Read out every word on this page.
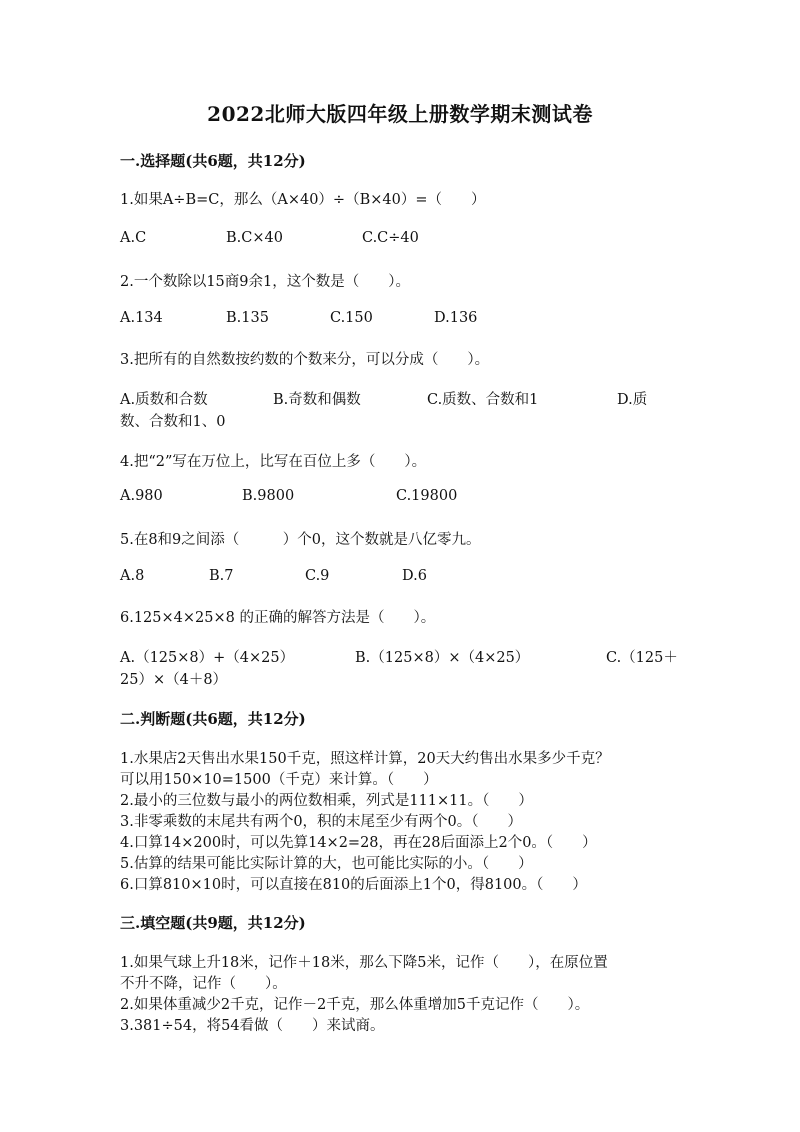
2022北师大版四年级上册数学期末测试卷
一.选择题(共6题，共12分)
1.如果A÷B=C，那么（A×40）÷（B×40）=（　　）
A.C	B.C×40	C.C÷40
2.一个数除以15商9余1，这个数是（　　）。
A.134	B.135	C.150	D.136
3.把所有的自然数按约数的个数来分，可以分成（　　）。
A.质数和合数	B.奇数和偶数	C.质数、合数和1	D.质
数、合数和1、0
4.把“2”写在万位上，比写在百位上多（　　）。
A.980	B.9800	C.19800
5.在8和9之间添（　　　）个0，这个数就是八亿零九。
A.8	B.7	C.9	D.6
6.125×4×25×8 的正确的解答方法是（　　）。
A.（125×8）+（4×25）	B.（125×8）×（4×25）	C.（125＋
25）×（4＋8）
二.判断题(共6题，共12分)
1.水果店2天售出水果150千克，照这样计算，20天大约售出水果多少千克？
可以用150×10=1500（千克）来计算。（　　）
2.最小的三位数与最小的两位数相乘，列式是111×11。（　　）
3.非零乘数的末尾共有两个0，积的末尾至少有两个0。（　　）
4.口算14×200时，可以先算14×2=28，再在28后面添上2个0。（　　）
5.估算的结果可能比实际计算的大，也可能比实际的小。（　　）
6.口算810×10时，可以直接在810的后面添上1个0，得8100。（　　）
三.填空题(共9题，共12分)
1.如果气球上升18米，记作＋18米，那么下降5米，记作（　　），在原位置
不升不降，记作（　　）。
2.如果体重减少2千克，记作－2千克，那么体重增加5千克记作（　　）。
3.381÷54，将54看做（　　）来试商。
